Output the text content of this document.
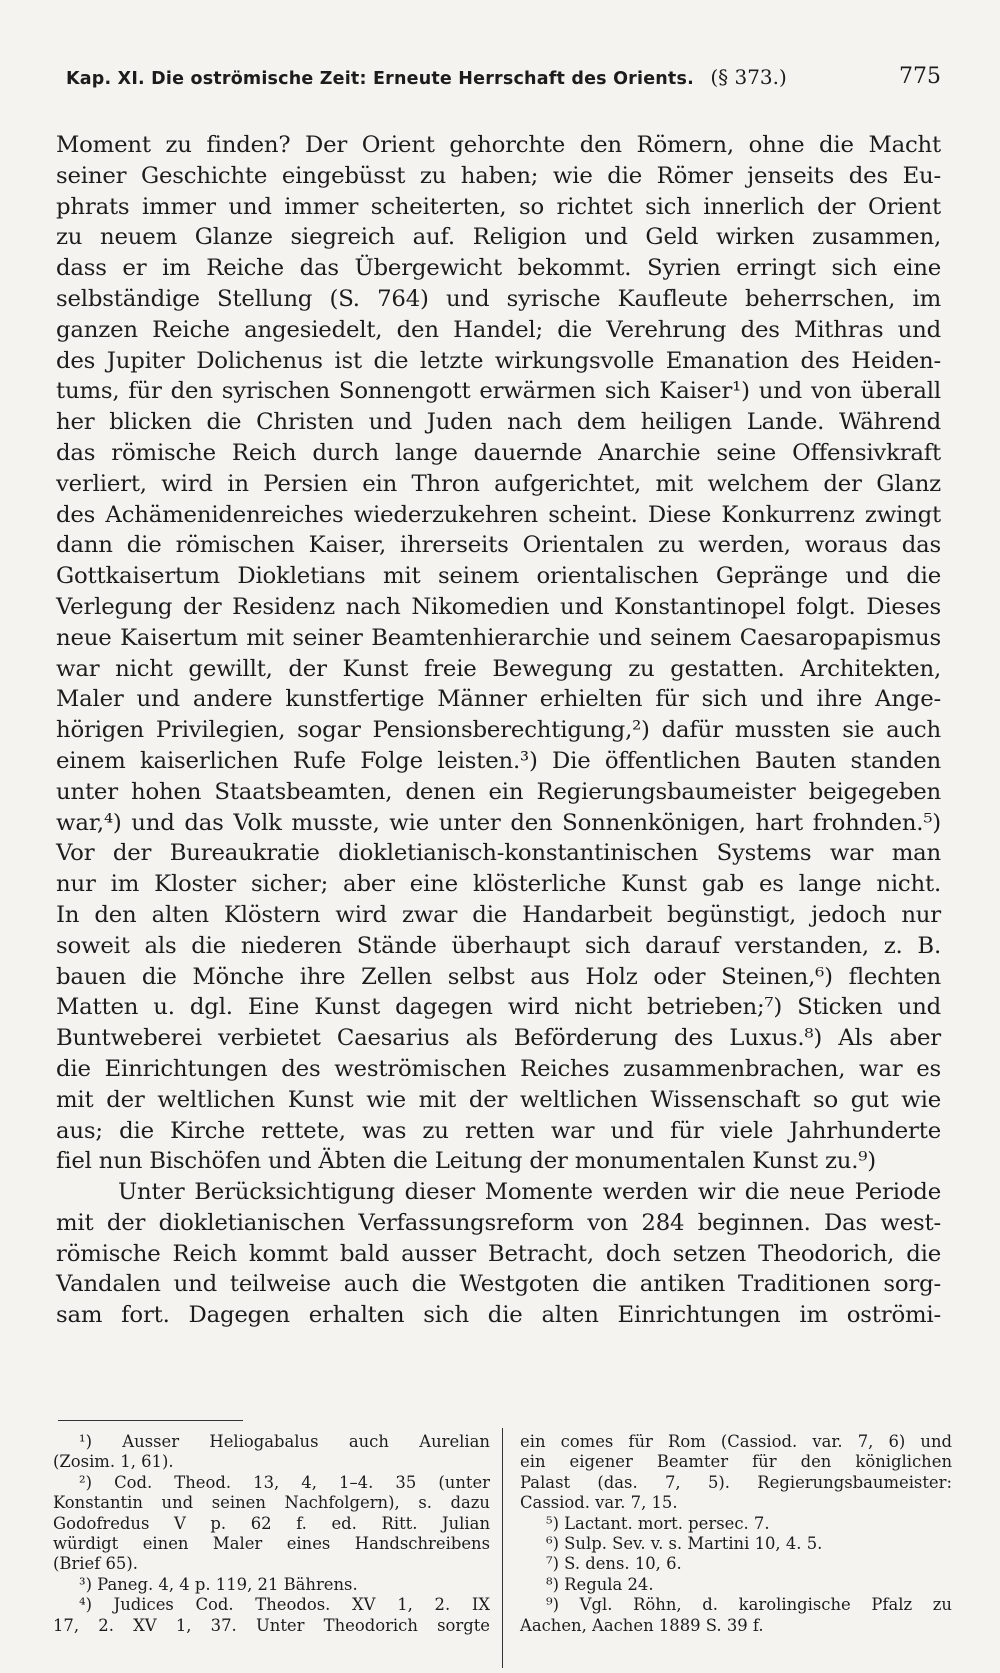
Kap. XI. Die oströmische Zeit: Erneute Herrschaft des Orients. (§ 373.)	775
Moment zu finden? Der Orient gehorchte den Römern, ohne die Macht
seiner Geschichte eingebüsst zu haben; wie die Römer jenseits des Eu-
phrats immer und immer scheiterten, so richtet sich innerlich der Orient
zu neuem Glanze siegreich auf. Religion und Geld wirken zusammen,
dass er im Reiche das Übergewicht bekommt. Syrien erringt sich eine
selbständige Stellung (S. 764) und syrische Kaufleute beherrschen, im
ganzen Reiche angesiedelt, den Handel; die Verehrung des Mithras und
des Jupiter Dolichenus ist die letzte wirkungsvolle Emanation des Heiden-
tums, für den syrischen Sonnengott erwärmen sich Kaiser¹) und von überall
her blicken die Christen und Juden nach dem heiligen Lande. Während
das römische Reich durch lange dauernde Anarchie seine Offensivkraft
verliert, wird in Persien ein Thron aufgerichtet, mit welchem der Glanz
des Achämenidenreiches wiederzukehren scheint. Diese Konkurrenz zwingt
dann die römischen Kaiser, ihrerseits Orientalen zu werden, woraus das
Gottkaisertum Diokletians mit seinem orientalischen Gepränge und die
Verlegung der Residenz nach Nikomedien und Konstantinopel folgt. Dieses
neue Kaisertum mit seiner Beamtenhierarchie und seinem Caesaropapismus
war nicht gewillt, der Kunst freie Bewegung zu gestatten. Architekten,
Maler und andere kunstfertige Männer erhielten für sich und ihre Ange-
hörigen Privilegien, sogar Pensionsberechtigung,²) dafür mussten sie auch
einem kaiserlichen Rufe Folge leisten.³) Die öffentlichen Bauten standen
unter hohen Staatsbeamten, denen ein Regierungsbaumeister beigegeben
war,⁴) und das Volk musste, wie unter den Sonnenkönigen, hart frohnden.⁵)
Vor der Bureaukratie diokletianisch-konstantinischen Systems war man
nur im Kloster sicher; aber eine klösterliche Kunst gab es lange nicht.
In den alten Klöstern wird zwar die Handarbeit begünstigt, jedoch nur
soweit als die niederen Stände überhaupt sich darauf verstanden, z. B.
bauen die Mönche ihre Zellen selbst aus Holz oder Steinen,⁶) flechten
Matten u. dgl. Eine Kunst dagegen wird nicht betrieben;⁷) Sticken und
Buntweberei verbietet Caesarius als Beförderung des Luxus.⁸) Als aber
die Einrichtungen des weströmischen Reiches zusammenbrachen, war es
mit der weltlichen Kunst wie mit der weltlichen Wissenschaft so gut wie
aus; die Kirche rettete, was zu retten war und für viele Jahrhunderte
fiel nun Bischöfen und Äbten die Leitung der monumentalen Kunst zu.⁹)
Unter Berücksichtigung dieser Momente werden wir die neue Periode
mit der diokletianischen Verfassungsreform von 284 beginnen. Das west-
römische Reich kommt bald ausser Betracht, doch setzen Theodorich, die
Vandalen und teilweise auch die Westgoten die antiken Traditionen sorg-
sam fort. Dagegen erhalten sich die alten Einrichtungen im oströmi-
¹) Ausser Heliogabalus auch Aurelian
(Zosim. 1, 61).
²) Cod. Theod. 13, 4, 1–4. 35 (unter
Konstantin und seinen Nachfolgern), s. dazu
Godofredus V p. 62 f. ed. Ritt. Julian
würdigt einen Maler eines Handschreibens
(Brief 65).
³) Paneg. 4, 4 p. 119, 21 Bährens.
⁴) Judices Cod. Theodos. XV 1, 2. IX
17, 2. XV 1, 37. Unter Theodorich sorgte
ein comes für Rom (Cassiod. var. 7, 6) und
ein eigener Beamter für den königlichen
Palast (das. 7, 5). Regierungsbaumeister:
Cassiod. var. 7, 15.
⁵) Lactant. mort. persec. 7.
⁶) Sulp. Sev. v. s. Martini 10, 4. 5.
⁷) S. dens. 10, 6.
⁸) Regula 24.
⁹) Vgl. Röhn, d. karolingische Pfalz zu
Aachen, Aachen 1889 S. 39 f.
